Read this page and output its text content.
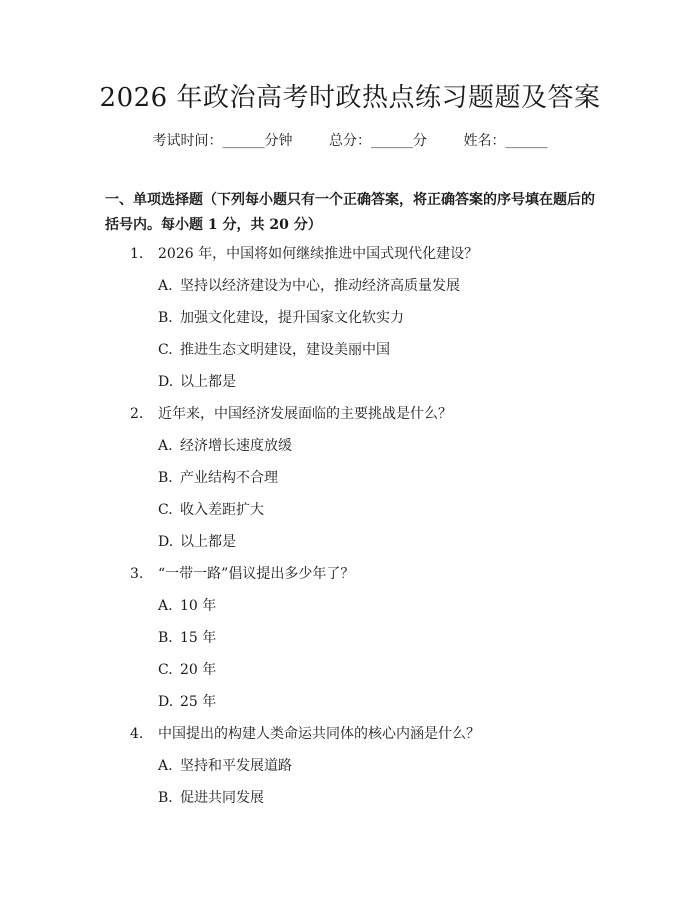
2026 年政治高考时政热点练习题题及答案
考试时间：______分钟	总分：______分	姓名：______
一、单项选择题（下列每小题只有一个正确答案，将正确答案的序号填在题后的括号内。每小题 1 分，共 20 分）
1. 2026 年，中国将如何继续推进中国式现代化建设？
A. 坚持以经济建设为中心，推动经济高质量发展
B. 加强文化建设，提升国家文化软实力
C. 推进生态文明建设，建设美丽中国
D. 以上都是
2. 近年来，中国经济发展面临的主要挑战是什么？
A. 经济增长速度放缓
B. 产业结构不合理
C. 收入差距扩大
D. 以上都是
3. “一带一路”倡议提出多少年了？
A. 10 年
B. 15 年
C. 20 年
D. 25 年
4. 中国提出的构建人类命运共同体的核心内涵是什么？
A. 坚持和平发展道路
B. 促进共同发展
